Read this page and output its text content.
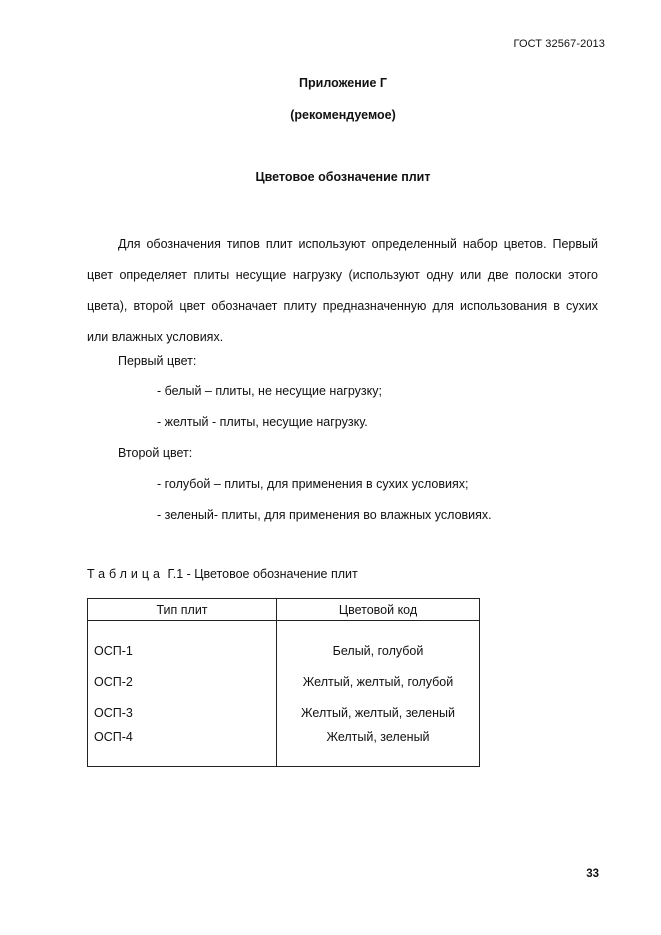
ГОСТ 32567-2013
Приложение Г
(рекомендуемое)
Цветовое обозначение плит

Для обозначения типов плит используют определенный набор цветов. Первый цвет определяет плиты несущие нагрузку (используют одну или две полоски этого цвета), второй цвет обозначает плиту предназначенную для использования в сухих или влажных условиях.

Первый цвет:
- белый – плиты, не несущие нагрузку;
- желтый - плиты, несущие нагрузку.
Второй цвет:
- голубой – плиты, для применения в сухих условиях;
- зеленый- плиты, для применения во влажных условиях.
Таблица Г.1 - Цветовое обозначение плит
Тип плит	Цветовой код

ОСП-1	Белый, голубой
ОСП-2	Желтый, желтый, голубой
ОСП-3	Желтый, желтый, зеленый
ОСП-4	Желтый, зеленый
33
